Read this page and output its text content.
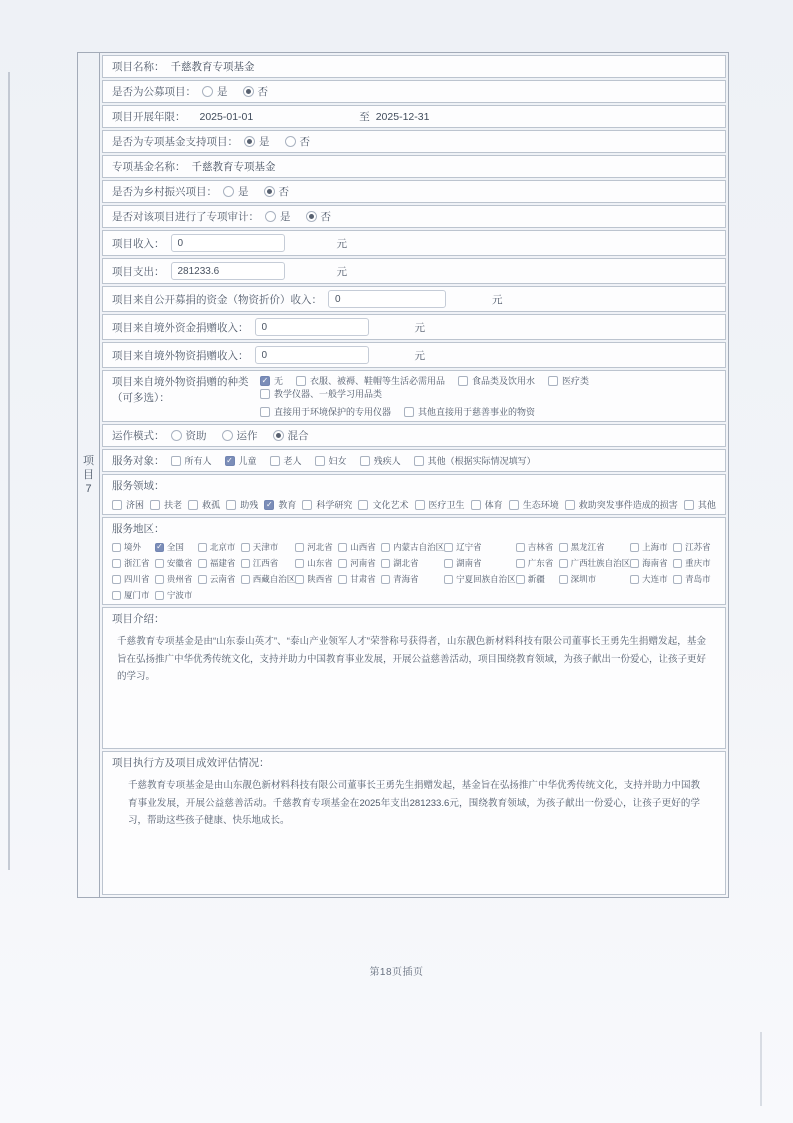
项目7
项目名称： 千慈教育专项基金
是否为公募项目： 是	否
项目开展年限： 2025-01-01	至 2025-12-31
是否为专项基金支持项目： 是	否
专项基金名称： 千慈教育专项基金
是否为乡村振兴项目： 是	否
是否对该项目进行了专项审计： 是	否
项目收入：
0	元
项目支出：
281233.6	元
项目来自公开募捐的资金（物资折价）收入：
0	元
项目来自境外资金捐赠收入：
0	元
项目来自境外物资捐赠收入：
0	元
项目来自境外物资捐赠的种类
（可多选）：
✓
无	衣服、被褥、鞋帽等生活必需用品	食品类及饮用水	医疗类
教学仪器、一般学习用品类
直接用于环境保护的专用仪器	其他直接用于慈善事业的物资
运作模式： 资助	运作	混合
服务对象： 所有人 ✓	儿童	老人	妇女	残疾人	其他（根据实际情况填写）
服务领域：
济困 扶老 救孤 助残 ✓ 教育 科学研究 文化艺术 医疗卫生 体育 生态环境 救助突发事件造成的损害 其他
服务地区：
境外 ✓	全国	北京市 天津市	河北省 山西省 内蒙古自治区 辽宁省	吉林省 黑龙江省	上海市 江苏省
浙江省 安徽省 福建省 江西省	山东省 河南省 湖北省	湖南省	广东省 广西壮族自治区 海南省 重庆市
四川省 贵州省 云南省 西藏自治区 陕西省 甘肃省 青海省	宁夏回族自治区 新疆	深圳市	大连市 青岛市
厦门市 宁波市
项目介绍：

千慈教育专项基金是由“山东泰山英才”、“泰山产业领军人才”荣誉称号获得者，山东靓色新材料科技有限公司董事长王勇先生捐赠发起，基金旨在弘扬推广中华优秀传统文化，支持并助力中国教育事业发展，开展公益慈善活动，项目围绕教育领域，为孩子献出一份爱心，让孩子更好的学习。

项目执行方及项目成效评估情况：

千慈教育专项基金是由山东靓色新材料科技有限公司董事长王勇先生捐赠发起，基金旨在弘扬推广中华优秀传统文化，支持并助力中国教育事业发展，开展公益慈善活动。千慈教育专项基金在2025年支出281233.6元，围绕教育领域，为孩子献出一份爱心，让孩子更好的学习，帮助这些孩子健康、快乐地成长。

第18页插页
